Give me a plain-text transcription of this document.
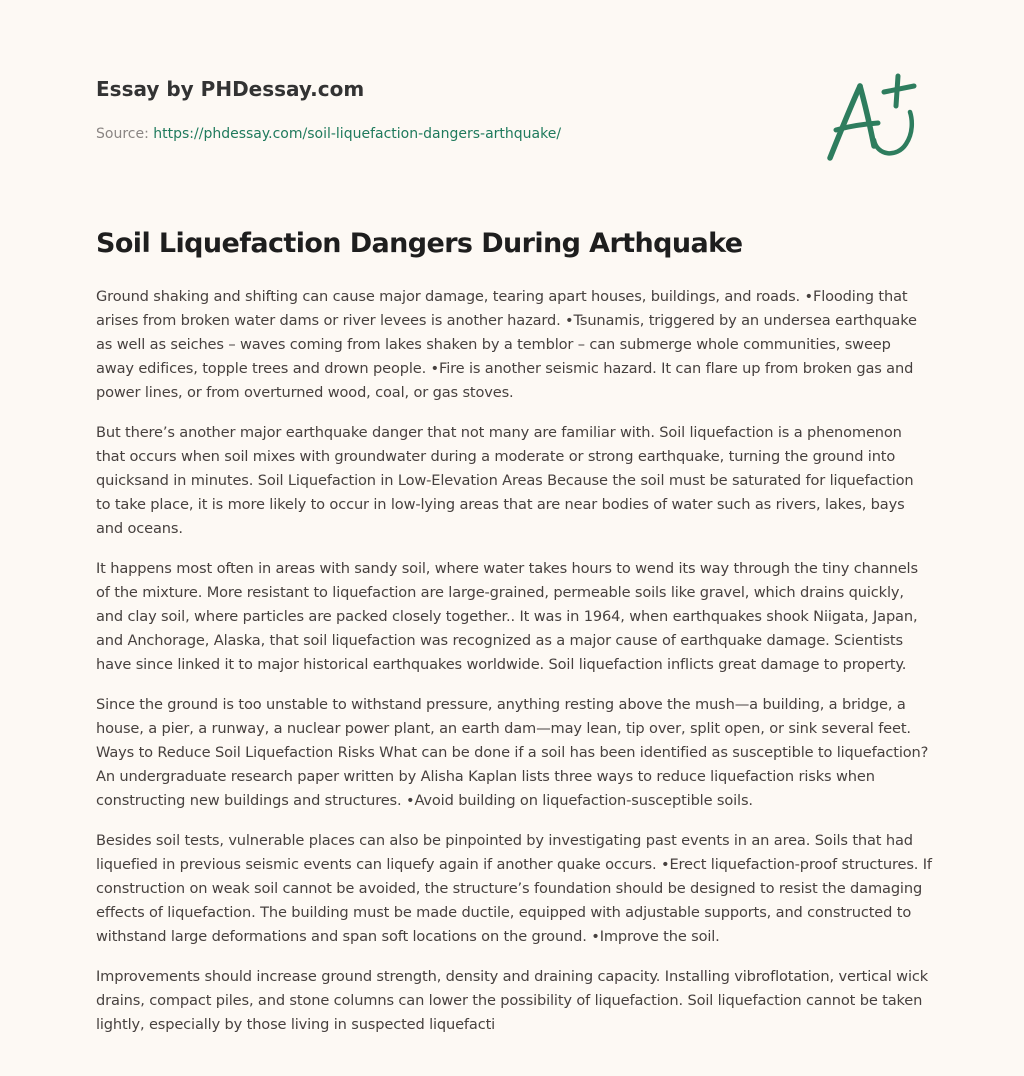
Essay by PHDessay.com
Source: https://phdessay.com/soil-liquefaction-dangers-arthquake/
Soil Liquefaction Dangers During Arthquake

Ground shaking and shifting can cause major damage, tearing apart houses, buildings, and roads. •Flooding that arises from broken water dams or river levees is another hazard. •Tsunamis, triggered by an undersea earthquake as well as seiches – waves coming from lakes shaken by a temblor – can submerge whole communities, sweep away edifices, topple trees and drown people. •Fire is another seismic hazard. It can flare up from broken gas and power lines, or from overturned wood, coal, or gas stoves.

But there’s another major earthquake danger that not many are familiar with. Soil liquefaction is a phenomenon that occurs when soil mixes with groundwater during a moderate or strong earthquake, turning the ground into quicksand in minutes. Soil Liquefaction in Low-Elevation Areas Because the soil must be saturated for liquefaction to take place, it is more likely to occur in low-lying areas that are near bodies of water such as rivers, lakes, bays and oceans.

It happens most often in areas with sandy soil, where water takes hours to wend its way through the tiny channels of the mixture. More resistant to liquefaction are large-grained, permeable soils like gravel, which drains quickly, and clay soil, where particles are packed closely together.. It was in 1964, when earthquakes shook Niigata, Japan, and Anchorage, Alaska, that soil liquefaction was recognized as a major cause of earthquake damage. Scientists have since linked it to major historical earthquakes worldwide. Soil liquefaction inflicts great damage to property.

Since the ground is too unstable to withstand pressure, anything resting above the mush—a building, a bridge, a house, a pier, a runway, a nuclear power plant, an earth dam—may lean, tip over, split open, or sink several feet. Ways to Reduce Soil Liquefaction Risks What can be done if a soil has been identified as susceptible to liquefaction? An undergraduate research paper written by Alisha Kaplan lists three ways to reduce liquefaction risks when constructing new buildings and structures. •Avoid building on liquefaction-susceptible soils.

Besides soil tests, vulnerable places can also be pinpointed by investigating past events in an area. Soils that had liquefied in previous seismic events can liquefy again if another quake occurs. •Erect liquefaction-proof structures. If construction on weak soil cannot be avoided, the structure’s foundation should be designed to resist the damaging effects of liquefaction. The building must be made ductile, equipped with adjustable supports, and constructed to withstand large deformations and span soft locations on the ground. •Improve the soil.

Improvements should increase ground strength, density and draining capacity. Installing vibroflotation, vertical wick drains, compact piles, and stone columns can lower the possibility of liquefaction. Soil liquefaction cannot be taken lightly, especially by those living in suspected liquefacti
